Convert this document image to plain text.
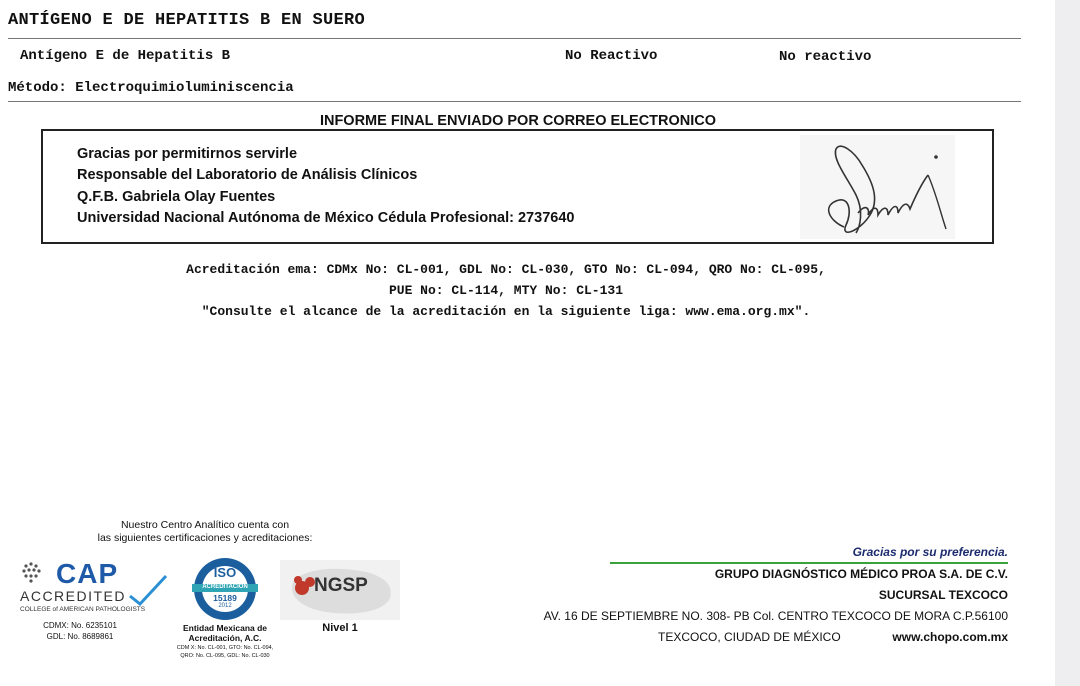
ANTÍGENO E DE HEPATITIS B EN SUERO
Antígeno E de Hepatitis B	No Reactivo	No reactivo
Método: Electroquimioluminiscencia
INFORME FINAL ENVIADO POR CORREO ELECTRONICO
Gracias por permitirnos servirle
Responsable del Laboratorio de Análisis Clínicos
Q.F.B. Gabriela Olay Fuentes
Universidad Nacional Autónoma de México Cédula Profesional: 2737640
Acreditación ema: CDMx No: CL-001, GDL No: CL-030, GTO No: CL-094, QRO No: CL-095,
PUE No: CL-114, MTY No: CL-131
"Consulte el alcance de la acreditación en la siguiente liga: www.ema.org.mx".
Nuestro Centro Analítico cuenta con
las siguientes certificaciones y acreditaciones:
CAP
ACCREDITED
COLLEGE of AMERICAN PATHOLOGISTS
CDMX: No. 6235101
GDL: No. 8689861
ISO
ACREDITACIÓN
15189
2012
Entidad Mexicana de
Acreditación, A.C.
CDM X: No. CL-001, GTO: No. CL-094,
QRO: No. CL-095, GDL: No. CL-030
NGSP
Nivel 1
Gracias por su preferencia.
GRUPO DIAGNÓSTICO MÉDICO PROA S.A. DE C.V.
SUCURSAL TEXCOCO
AV. 16 DE SEPTIEMBRE NO. 308- PB Col. CENTRO TEXCOCO DE MORA C.P.56100
TEXCOCO, CIUDAD DE MÉXICO	www.chopo.com.mx
